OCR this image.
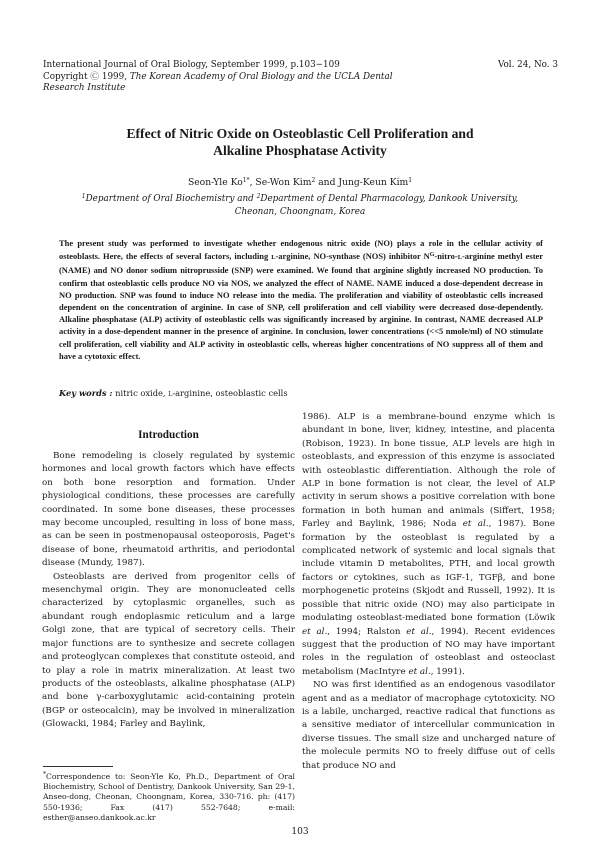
International Journal of Oral Biology, September 1999, p.103−109
Copyright Ⓒ 1999, The Korean Academy of Oral Biology and the UCLA Dental Research Institute
Vol. 24, No. 3
Effect of Nitric Oxide on Osteoblastic Cell Proliferation and
Alkaline Phosphatase Activity
Seon-Yle $Ko^{1*}$, Se-Won Kim$^2$ and Jung-Keun Kim$^1$
$^1$Department of Oral Biochemistry and $^2$Department of Dental Pharmacology, Dankook University,
Cheonan, Choongnam, Korea

The present study was performed to investigate whether endogenous nitric oxide (NO) plays a role in the cellular activity of osteoblasts. Here, the effects of several factors, including L-arginine, NO-synthase (NOS) inhibitor $N^G-nitro-L$-arginine methyl ester (NAME) and NO donor sodium nitroprusside (SNP) were examined. We found that arginine slightly increased NO production. To confirm that osteoblastic cells produce NO via NOS, we analyzed the effect of NAME. NAME induced a dose-dependent decrease in NO production. SNP was found to induce NO release into the media. The proliferation and viability of osteoblastic cells increased dependent on the concentration of arginine. In case of SNP, cell proliferation and cell viability were decreased dose-dependently. Alkaline phosphatase (ALP) activity of osteoblastic cells was significantly increased by arginine. In contrast, NAME decreased ALP activity in a dose-dependent manner in the presence of arginine. In conclusion, lower concentrations (<<5 nmole/ml) of NO stimulate cell proliferation, cell viability and ALP activity in osteoblastic cells, whereas higher concentrations of NO suppress all of them and have a cytotoxic effect.

Key words : nitric oxide, L-arginine, osteoblastic cells
Introduction

Bone remodeling is closely regulated by systemic hormones and local growth factors which have effects on both bone resorption and formation. Under physiological conditions, these processes are carefully coordinated. In some bone diseases, these processes may become uncoupled, resulting in loss of bone mass, as can be seen in postmenopausal osteoporosis, Paget's disease of bone, rheumatoid arthritis, and periodontal disease (Mundy, 1987).

Osteoblasts are derived from progenitor cells of mesenchymal origin. They are mononucleated cells characterized by cytoplasmic organelles, such as abundant rough endoplasmic reticulum and a large Golgi zone, that are typical of secretory cells. Their major functions are to synthesize and secrete collagen and proteoglycan complexes that constitute osteoid, and to play a role in matrix mineralization. At least two products of the osteoblasts, alkaline phosphatase (ALP) and bone γ-carboxyglutamic acid-containing protein (BGP or osteocalcin), may be involved in mineralization (Glowacki, 1984; Farley and Baylink,

1986). ALP is a membrane-bound enzyme which is abundant in bone, liver, kidney, intestine, and placenta (Robison, 1923). In bone tissue, ALP levels are high in osteoblasts, and expression of this enzyme is associated with osteoblastic differentiation. Although the role of ALP in bone formation is not clear, the level of ALP activity in serum shows a positive correlation with bone formation in both human and animals (Siffert, 1958; Farley and Baylink, 1986; Noda et al., 1987). Bone formation by the osteoblast is regulated by a complicated network of systemic and local signals that include vitamin D metabolites, PTH, and local growth factors or cytokines, such as IGF-1, TGFβ, and bone morphogenetic proteins (Skjodt and Russell, 1992). It is possible that nitric oxide (NO) may also participate in modulating osteoblast-mediated bone formation (Löwik et al., 1994; Ralston et al., 1994). Recent evidences suggest that the production of NO may have important roles in the regulation of osteoblast and osteoclast metabolism (MacIntyre et al., 1991).

NO was first identified as an endogenous vasodilator agent and as a mediator of macrophage cytotoxicity. NO is a labile, uncharged, reactive radical that functions as a sensitive mediator of intercellular communication in diverse tissues. The small size and uncharged nature of the molecule permits NO to freely diffuse out of cells that produce NO and

*Correspondence to: Seon-Yle Ko, Ph.D., Department of Oral Biochemistry, School of Dentistry, Dankook University, San 29-1, Anseo-dong, Cheonan, Choongnam, Korea, 330-716. ph: (417) 550-1936; Fax (417) 552-7648; e-mail: esther@anseo.dankook.ac.kr
103
